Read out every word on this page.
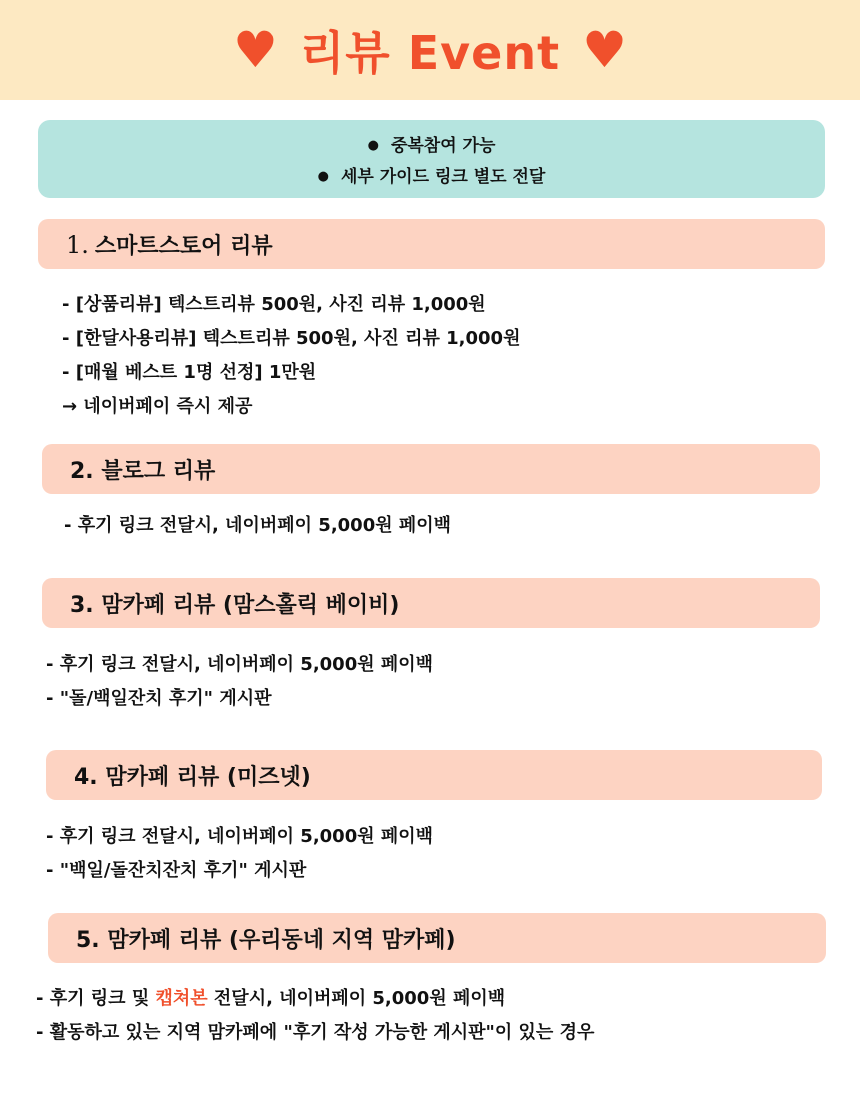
♥ 리뷰 Event ♥
● 중복참여 가능
● 세부 가이드 링크 별도 전달
1. 스마트스토어 리뷰
- [상품리뷰] 텍스트리뷰 500원, 사진 리뷰 1,000원
- [한달사용리뷰] 텍스트리뷰 500원, 사진 리뷰 1,000원
- [매월 베스트 1명 선정] 1만원
→ 네이버페이 즉시 제공
2. 블로그 리뷰
- 후기 링크 전달시, 네이버페이 5,000원 페이백
3. 맘카페 리뷰 (맘스홀릭 베이비)
- 후기 링크 전달시, 네이버페이 5,000원 페이백
- "돌/백일잔치 후기" 게시판
4. 맘카페 리뷰 (미즈넷)
- 후기 링크 전달시, 네이버페이 5,000원 페이백
- "백일/돌잔치잔치 후기" 게시판
5. 맘카페 리뷰 (우리동네 지역 맘카페)
- 후기 링크 및 캡쳐본 전달시, 네이버페이 5,000원 페이백
- 활동하고 있는 지역 맘카페에 "후기 작성 가능한 게시판"이 있는 경우
